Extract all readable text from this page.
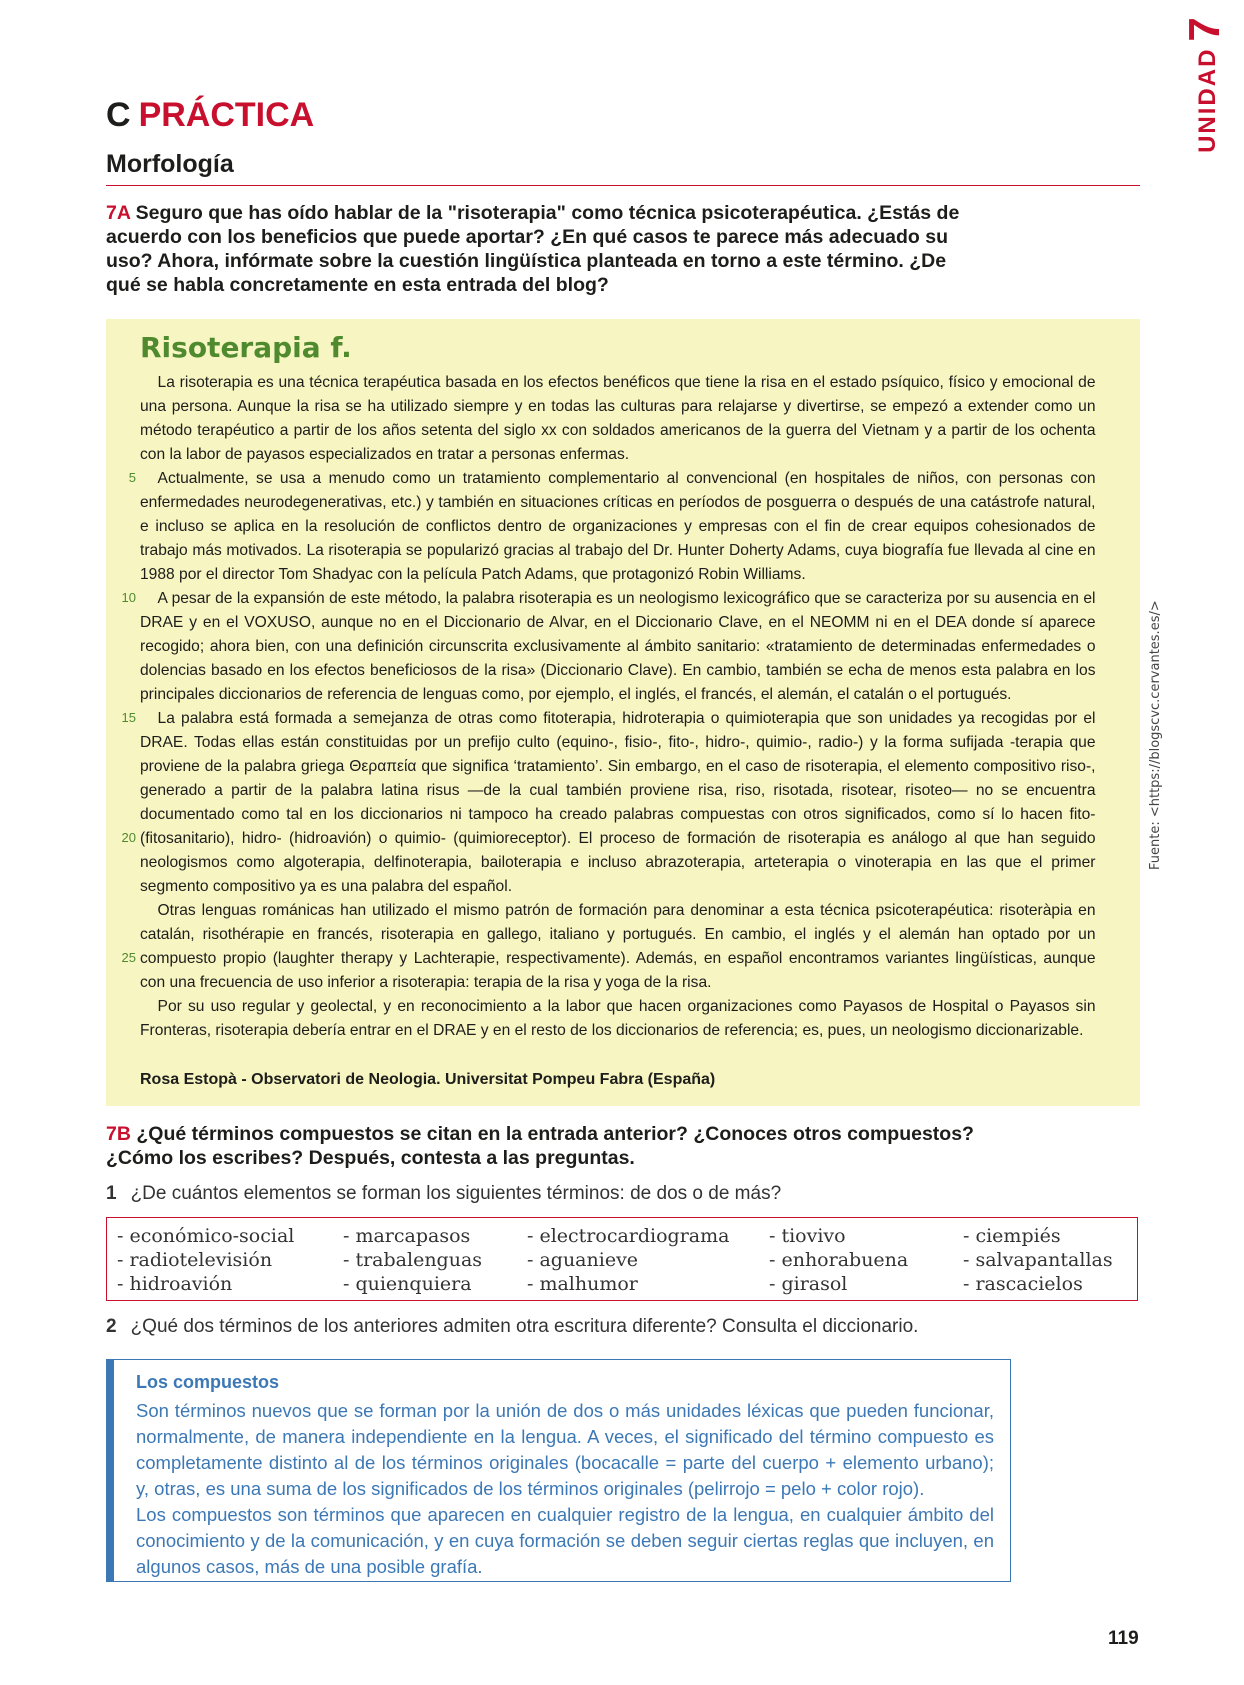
UNIDAD7
C PRÁCTICA
Morfología
7A Seguro que has oído hablar de la "risoterapia" como técnica psicoterapéutica. ¿Estás de acuerdo con los beneficios que puede aportar? ¿En qué casos te parece más adecuado su uso? Ahora, infórmate sobre la cuestión lingüística planteada en torno a este término. ¿De qué se habla concretamente en esta entrada del blog?
Risoterapia f.
5
10
15
20
25

La risoterapia es una técnica terapéutica basada en los efectos benéficos que tiene la risa en el estado psíquico, físico y emocional de una persona. Aunque la risa se ha utilizado siempre y en todas las culturas para relajarse y divertirse, se empezó a extender como un método terapéutico a partir de los años setenta del siglo xx con soldados americanos de la guerra del Vietnam y a partir de los ochenta con la labor de payasos especializados en tratar a personas enfermas.

Actualmente, se usa a menudo como un tratamiento complementario al convencional (en hospitales de niños, con personas con enfermedades neurodegenerativas, etc.) y también en situaciones críticas en períodos de posguerra o después de una catástrofe natural, e incluso se aplica en la resolución de conflictos dentro de organizaciones y empresas con el fin de crear equipos cohesionados de trabajo más motivados. La risoterapia se popularizó gracias al trabajo del Dr. Hunter Doherty Adams, cuya biografía fue llevada al cine en 1988 por el director Tom Shadyac con la película Patch Adams, que protagonizó Robin Williams.

A pesar de la expansión de este método, la palabra risoterapia es un neologismo lexicográfico que se caracteriza por su ausencia en el DRAE y en el VOXUSO, aunque no en el Diccionario de Alvar, en el Diccionario Clave, en el NEOMM ni en el DEA donde sí aparece recogido; ahora bien, con una definición circunscrita exclusivamente al ámbito sanitario: «tratamiento de determinadas enfermedades o dolencias basado en los efectos beneficiosos de la risa» (Diccionario Clave). En cambio, también se echa de menos esta palabra en los principales diccionarios de referencia de lenguas como, por ejemplo, el inglés, el francés, el alemán, el catalán o el portugués.

La palabra está formada a semejanza de otras como fitoterapia, hidroterapia o quimioterapia que son unidades ya recogidas por el DRAE. Todas ellas están constituidas por un prefijo culto (equino-, fisio-, fito-, hidro-, quimio-, radio-) y la forma sufijada -terapia que proviene de la palabra griega Θεραπεία que significa ‘tratamiento’. Sin embargo, en el caso de risoterapia, el elemento compositivo riso-, generado a partir de la palabra latina risus —de la cual también proviene risa, riso, risotada, risotear, risoteo— no se encuentra documentado como tal en los diccionarios ni tampoco ha creado palabras compuestas con otros significados, como sí lo hacen fito- (fitosanitario), hidro- (hidroavión) o quimio- (quimioreceptor). El proceso de formación de risoterapia es análogo al que han seguido neologismos como algoterapia, delfinoterapia, bailoterapia e incluso abrazoterapia, arteterapia o vinoterapia en las que el primer segmento compositivo ya es una palabra del español.

Otras lenguas románicas han utilizado el mismo patrón de formación para denominar a esta técnica psicoterapéutica: risoteràpia en catalán, risothérapie en francés, risoterapia en gallego, italiano y portugués. En cambio, el inglés y el alemán han optado por un compuesto propio (laughter therapy y Lachterapie, respectivamente). Además, en español encontramos variantes lingüísticas, aunque con una frecuencia de uso inferior a risoterapia: terapia de la risa y yoga de la risa.

Por su uso regular y geolectal, y en reconocimiento a la labor que hacen organizaciones como Payasos de Hospital o Payasos sin Fronteras, risoterapia debería entrar en el DRAE y en el resto de los diccionarios de referencia; es, pues, un neologismo diccionarizable.

Rosa Estopà - Observatori de Neologia. Universitat Pompeu Fabra (España)
Fuente: <https://blogscvc.cervantes.es/>
7B ¿Qué términos compuestos se citan en la entrada anterior? ¿Conoces otros compuestos? ¿Cómo los escribes? Después, contesta a las preguntas.
1 ¿De cuántos elementos se forman los siguientes términos: de dos o de más?
- económico-social
- radiotelevisión
- hidroavión
- marcapasos
- trabalenguas
- quienquiera
- electrocardiograma
- aguanieve
- malhumor
- tiovivo
- enhorabuena
- girasol
- ciempiés
- salvapantallas
- rascacielos
2 ¿Qué dos términos de los anteriores admiten otra escritura diferente? Consulta el diccionario.
Los compuestos

Son términos nuevos que se forman por la unión de dos o más unidades léxicas que pueden funcionar, normalmente, de manera independiente en la lengua. A veces, el significado del término compuesto es completamente distinto al de los términos originales (bocacalle = parte del cuerpo + elemento urbano); y, otras, es una suma de los significados de los términos originales (pelirrojo = pelo + color rojo).

Los compuestos son términos que aparecen en cualquier registro de la lengua, en cualquier ámbito del conocimiento y de la comunicación, y en cuya formación se deben seguir ciertas reglas que incluyen, en algunos casos, más de una posible grafía.

119
